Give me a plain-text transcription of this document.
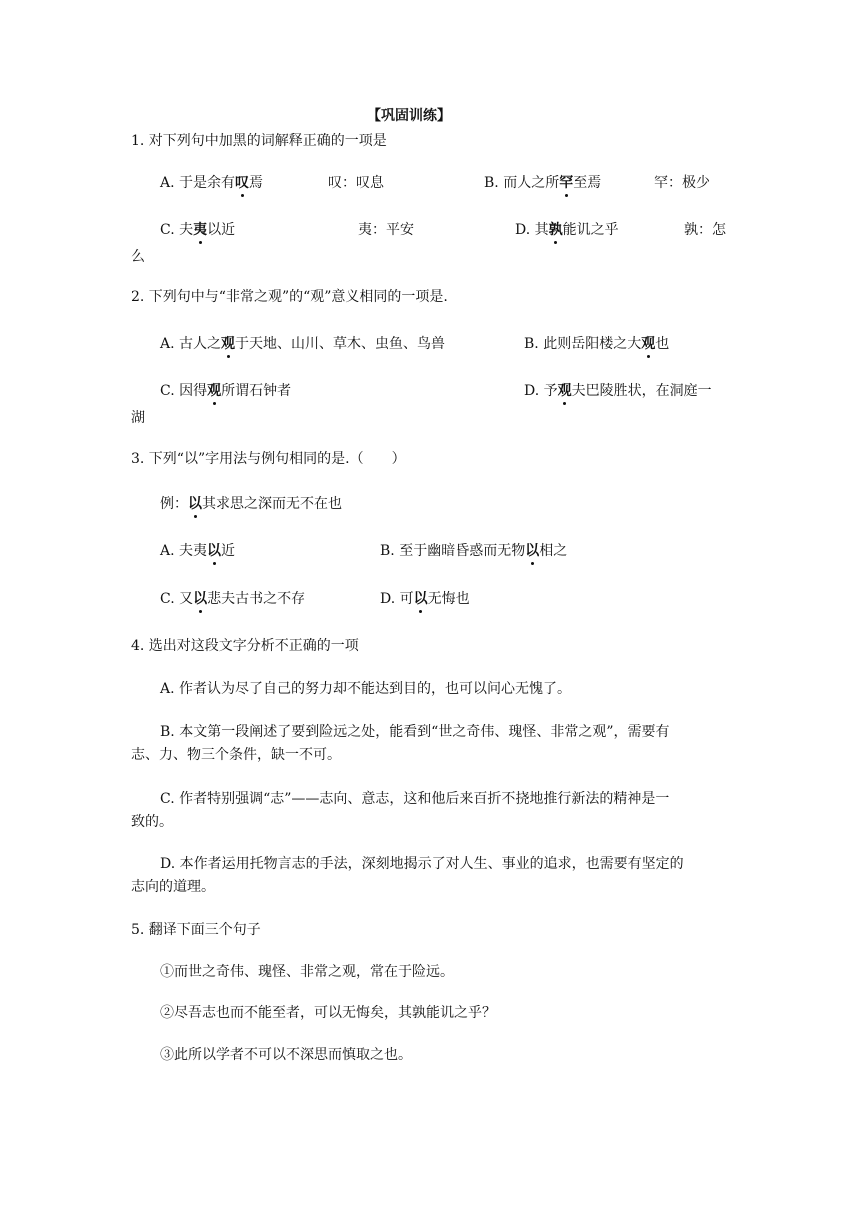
【巩固训练】
1. 对下列句中加黑的词解释正确的一项是
A. 于是余有叹焉	叹：叹息	B. 而人之所罕至焉	罕：极少
C. 夫夷以近	夷：平安	D. 其孰能讥之乎	孰：怎
么
2. 下列句中与“非常之观”的“观”意义相同的一项是.
A. 古人之观于天地、山川、草木、虫鱼、鸟兽	B. 此则岳阳楼之大观也
C. 因得观所谓石钟者	D. 予观夫巴陵胜状，在洞庭一
湖
3. 下列“以”字用法与例句相同的是.（　　）
例：以其求思之深而无不在也
A. 夫夷以近	B. 至于幽暗昏惑而无物以相之
C. 又以悲夫古书之不存	D. 可以无悔也
4. 选出对这段文字分析不正确的一项
A. 作者认为尽了自己的努力却不能达到目的，也可以问心无愧了。
B. 本文第一段阐述了要到险远之处，能看到“世之奇伟、瑰怪、非常之观”，需要有
志、力、物三个条件，缺一不可。
C. 作者特别强调“志”——志向、意志，这和他后来百折不挠地推行新法的精神是一
致的。
D. 本作者运用托物言志的手法，深刻地揭示了对人生、事业的追求，也需要有坚定的
志向的道理。
5. 翻译下面三个句子
①而世之奇伟、瑰怪、非常之观，常在于险远。
②尽吾志也而不能至者，可以无悔矣，其孰能讥之乎？
③此所以学者不可以不深思而慎取之也。
